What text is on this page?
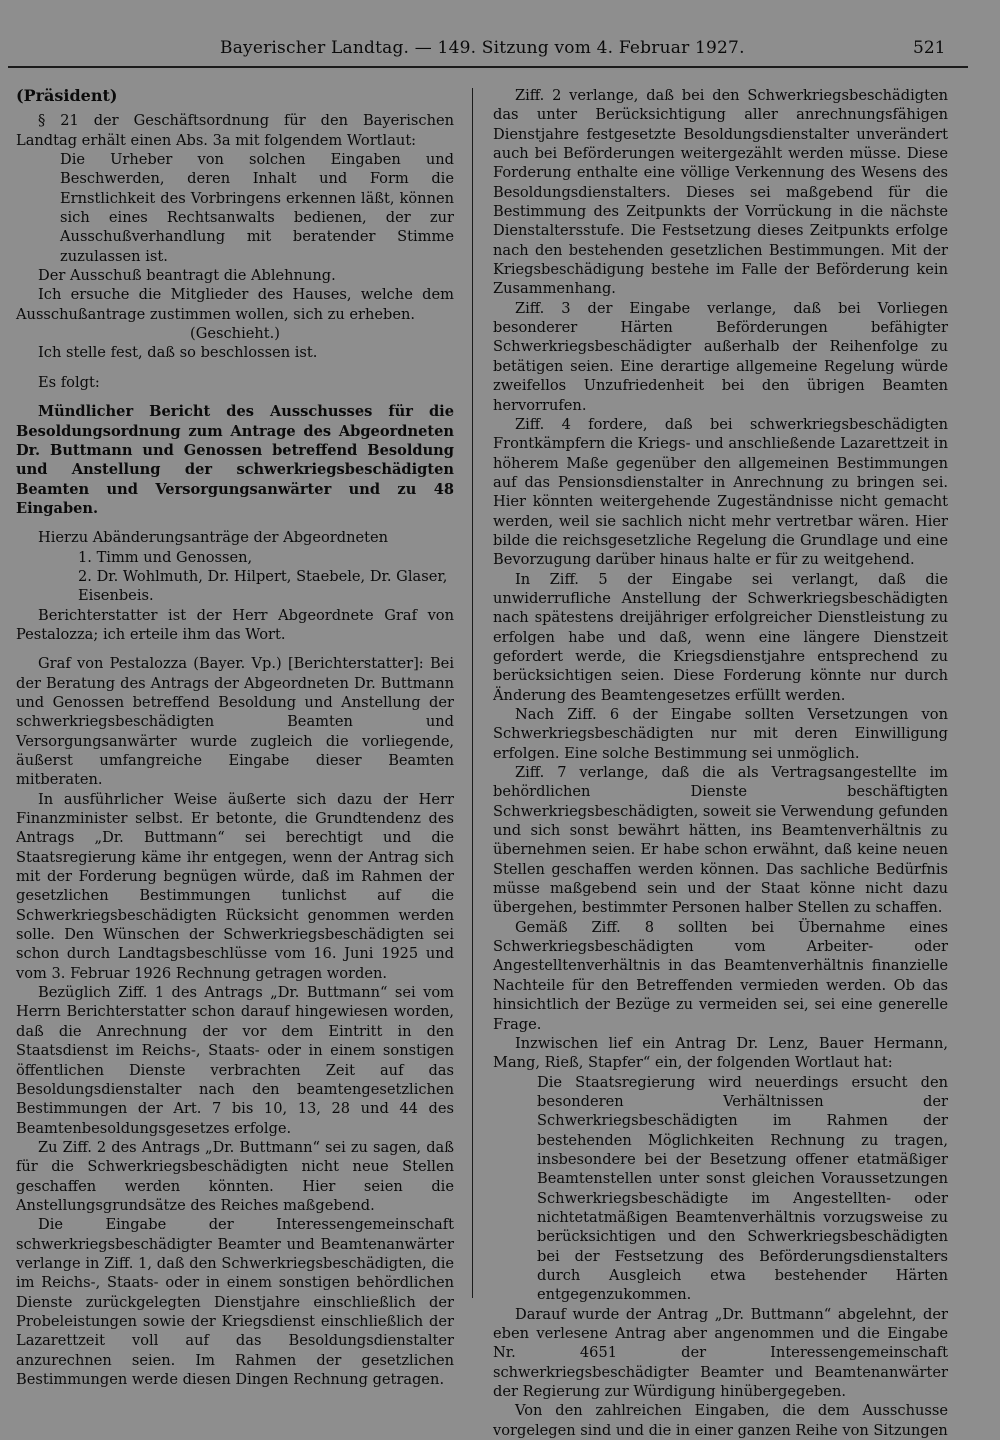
Bayerischer Landtag. — 149. Sitzung vom 4. Februar 1927.	521

(Präsident)

§ 21 der Geschäftsordnung für den Bayerischen Landtag erhält einen Abs. 3a mit folgendem Wortlaut:

Die Urheber von solchen Eingaben und Beschwerden, deren Inhalt und Form die Ernstlichkeit des Vorbringens erkennen läßt, können sich eines Rechtsanwalts bedienen, der zur Ausschußverhandlung mit beratender Stimme zuzulassen ist.

Der Ausschuß beantragt die Ablehnung.

Ich ersuche die Mitglieder des Hauses, welche dem Ausschußantrage zustimmen wollen, sich zu erheben.

(Geschieht.)

Ich stelle fest, daß so beschlossen ist.

Es folgt:

Mündlicher Bericht des Ausschusses für die Besoldungsordnung zum Antrage des Abgeordneten Dr. Buttmann und Genossen betreffend Besoldung und Anstellung der schwerkriegsbeschädigten Beamten und Versorgungsanwärter und zu 48 Eingaben.

Hierzu Abänderungsanträge der Abgeordneten

1. Timm und Genossen,

2. Dr. Wohlmuth, Dr. Hilpert, Staebele, Dr. Glaser, Eisenbeis.

Berichterstatter ist der Herr Abgeordnete Graf von Pestalozza; ich erteile ihm das Wort.

Graf von Pestalozza (Bayer. Vp.) [Berichterstatter]: Bei der Beratung des Antrags der Abgeordneten Dr. Buttmann und Genossen betreffend Besoldung und Anstellung der schwerkriegsbeschädigten Beamten und Versorgungsanwärter wurde zugleich die vorliegende, äußerst umfangreiche Eingabe dieser Beamten mitberaten.

In ausführlicher Weise äußerte sich dazu der Herr Finanzminister selbst. Er betonte, die Grundtendenz des Antrags „Dr. Buttmann“ sei berechtigt und die Staatsregierung käme ihr entgegen, wenn der Antrag sich mit der Forderung begnügen würde, daß im Rahmen der gesetzlichen Bestimmungen tunlichst auf die Schwerkriegsbeschädigten Rücksicht genommen werden solle. Den Wünschen der Schwerkriegsbeschädigten sei schon durch Landtagsbeschlüsse vom 16. Juni 1925 und vom 3. Februar 1926 Rechnung getragen worden.

Bezüglich Ziff. 1 des Antrags „Dr. Buttmann“ sei vom Herrn Berichterstatter schon darauf hingewiesen worden, daß die Anrechnung der vor dem Eintritt in den Staatsdienst im Reichs-, Staats- oder in einem sonstigen öffentlichen Dienste verbrachten Zeit auf das Besoldungsdienstalter nach den beamtengesetzlichen Bestimmungen der Art. 7 bis 10, 13, 28 und 44 des Beamtenbesoldungsgesetzes erfolge.

Zu Ziff. 2 des Antrags „Dr. Buttmann“ sei zu sagen, daß für die Schwerkriegsbeschädigten nicht neue Stellen geschaffen werden könnten. Hier seien die Anstellungsgrundsätze des Reiches maßgebend.

Die Eingabe der Interessengemeinschaft schwerkriegsbeschädigter Beamter und Beamtenanwärter verlange in Ziff. 1, daß den Schwerkriegsbeschädigten, die im Reichs-, Staats- oder in einem sonstigen behördlichen Dienste zurückgelegten Dienstjahre einschließlich der Probeleistungen sowie der Kriegsdienst einschließlich der Lazarettzeit voll auf das Besoldungsdienstalter anzurechnen seien. Im Rahmen der gesetzlichen Bestimmungen werde diesen Dingen Rechnung getragen.

Ziff. 2 verlange, daß bei den Schwerkriegsbeschädigten das unter Berücksichtigung aller anrechnungsfähigen Dienstjahre festgesetzte Besoldungsdienstalter unverändert auch bei Beförderungen weitergezählt werden müsse. Diese Forderung enthalte eine völlige Verkennung des Wesens des Besoldungsdienstalters. Dieses sei maßgebend für die Bestimmung des Zeitpunkts der Vorrückung in die nächste Dienstaltersstufe. Die Festsetzung dieses Zeitpunkts erfolge nach den bestehenden gesetzlichen Bestimmungen. Mit der Kriegsbeschädigung bestehe im Falle der Beförderung kein Zusammenhang.

Ziff. 3 der Eingabe verlange, daß bei Vorliegen besonderer Härten Beförderungen befähigter Schwerkriegsbeschädigter außerhalb der Reihenfolge zu betätigen seien. Eine derartige allgemeine Regelung würde zweifellos Unzufriedenheit bei den übrigen Beamten hervorrufen.

Ziff. 4 fordere, daß bei schwerkriegsbeschädigten Frontkämpfern die Kriegs- und anschließende Lazarettzeit in höherem Maße gegenüber den allgemeinen Bestimmungen auf das Pensionsdienstalter in Anrechnung zu bringen sei. Hier könnten weitergehende Zugeständnisse nicht gemacht werden, weil sie sachlich nicht mehr vertretbar wären. Hier bilde die reichsgesetzliche Regelung die Grundlage und eine Bevorzugung darüber hinaus halte er für zu weitgehend.

In Ziff. 5 der Eingabe sei verlangt, daß die unwiderrufliche Anstellung der Schwerkriegsbeschädigten nach spätestens dreijähriger erfolgreicher Dienstleistung zu erfolgen habe und daß, wenn eine längere Dienstzeit gefordert werde, die Kriegsdienstjahre entsprechend zu berücksichtigen seien. Diese Forderung könnte nur durch Änderung des Beamtengesetzes erfüllt werden.

Nach Ziff. 6 der Eingabe sollten Versetzungen von Schwerkriegsbeschädigten nur mit deren Einwilligung erfolgen. Eine solche Bestimmung sei unmöglich.

Ziff. 7 verlange, daß die als Vertragsangestellte im behördlichen Dienste beschäftigten Schwerkriegsbeschädigten, soweit sie Verwendung gefunden und sich sonst bewährt hätten, ins Beamtenverhältnis zu übernehmen seien. Er habe schon erwähnt, daß keine neuen Stellen geschaffen werden können. Das sachliche Bedürfnis müsse maßgebend sein und der Staat könne nicht dazu übergehen, bestimmter Personen halber Stellen zu schaffen.

Gemäß Ziff. 8 sollten bei Übernahme eines Schwerkriegsbeschädigten vom Arbeiter- oder Angestelltenverhältnis in das Beamtenverhältnis finanzielle Nachteile für den Betreffenden vermieden werden. Ob das hinsichtlich der Bezüge zu vermeiden sei, sei eine generelle Frage.

Inzwischen lief ein Antrag Dr. Lenz, Bauer Hermann, Mang, Rieß, Stapfer“ ein, der folgenden Wortlaut hat:

Die Staatsregierung wird neuerdings ersucht den besonderen Verhältnissen der Schwerkriegsbeschädigten im Rahmen der bestehenden Möglichkeiten Rechnung zu tragen, insbesondere bei der Besetzung offener etatmäßiger Beamtenstellen unter sonst gleichen Voraussetzungen Schwerkriegsbeschädigte im Angestellten- oder nichtetatmäßigen Beamtenverhältnis vorzugsweise zu berücksichtigen und den Schwerkriegsbeschädigten bei der Festsetzung des Beförderungsdienstalters durch Ausgleich etwa bestehender Härten entgegenzukommen.

Darauf wurde der Antrag „Dr. Buttmann“ abgelehnt, der eben verlesene Antrag aber angenommen und die Eingabe Nr. 4651 der Interessengemeinschaft schwerkriegsbeschädigter Beamter und Beamtenanwärter der Regierung zur Würdigung hinübergegeben.

Von den zahlreichen Eingaben, die dem Ausschusse vorgelegen sind und die in einer ganzen Reihe von Sitzungen
